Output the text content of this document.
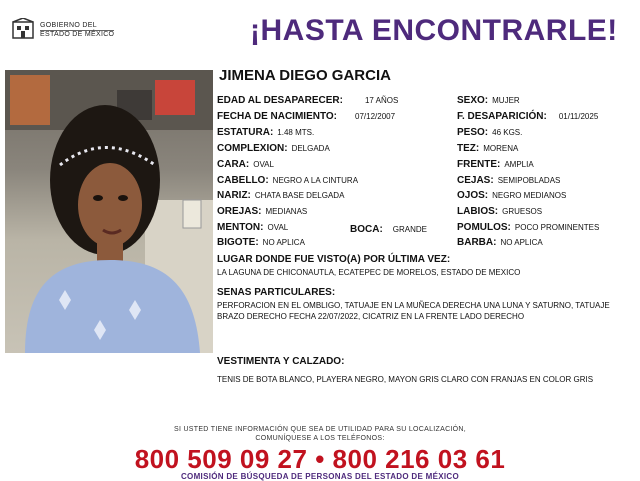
GOBIERNO DEL
ESTADO DE MÉXICO	¡HASTA ENCONTRARLE!
JIMENA DIEGO GARCIA
EDAD AL DESAPARECER:	17 AÑOS
FECHA DE NACIMIENTO: 07/12/2007
ESTATURA: 1.48 MTS.
COMPLEXION: DELGADA
CARA: OVAL
CABELLO: NEGRO A LA CINTURA
NARIZ: CHATA BASE DELGADA
OREJAS: MEDIANAS
MENTON: OVAL
BIGOTE: NO APLICA
BOCA: GRANDE
SEXO: MUJER
F. DESAPARICIÓN: 01/11/2025
PESO: 46 KGS.
TEZ: MORENA
FRENTE: AMPLIA
CEJAS: SEMIPOBLADAS
OJOS: NEGRO MEDIANOS
LABIOS: GRUESOS
POMULOS: POCO PROMINENTES
BARBA: NO APLICA
LUGAR DONDE FUE VISTO(A) POR ÚLTIMA VEZ:
LA LAGUNA DE CHICONAUTLA, ECATEPEC DE MORELOS, ESTADO DE MEXICO
SENAS PARTICULARES:
PERFORACION EN EL OMBLIGO, TATUAJE EN LA MUÑECA DERECHA UNA LUNA Y SATURNO, TATUAJE BRAZO DERECHO FECHA 22/07/2022, CICATRIZ EN LA FRENTE LADO DERECHO
VESTIMENTA Y CALZADO:
TENIS DE BOTA BLANCO, PLAYERA NEGRO, MAYON GRIS CLARO CON FRANJAS EN COLOR GRIS
SI USTED TIENE INFORMACIÓN QUE SEA DE UTILIDAD PARA SU LOCALIZACIÓN,
COMUNÍQUESE A LOS TELÉFONOS:
800 509 09 27 • 800 216 03 61
COMISIÓN DE BÚSQUEDA DE PERSONAS DEL ESTADO DE MÉXICO
